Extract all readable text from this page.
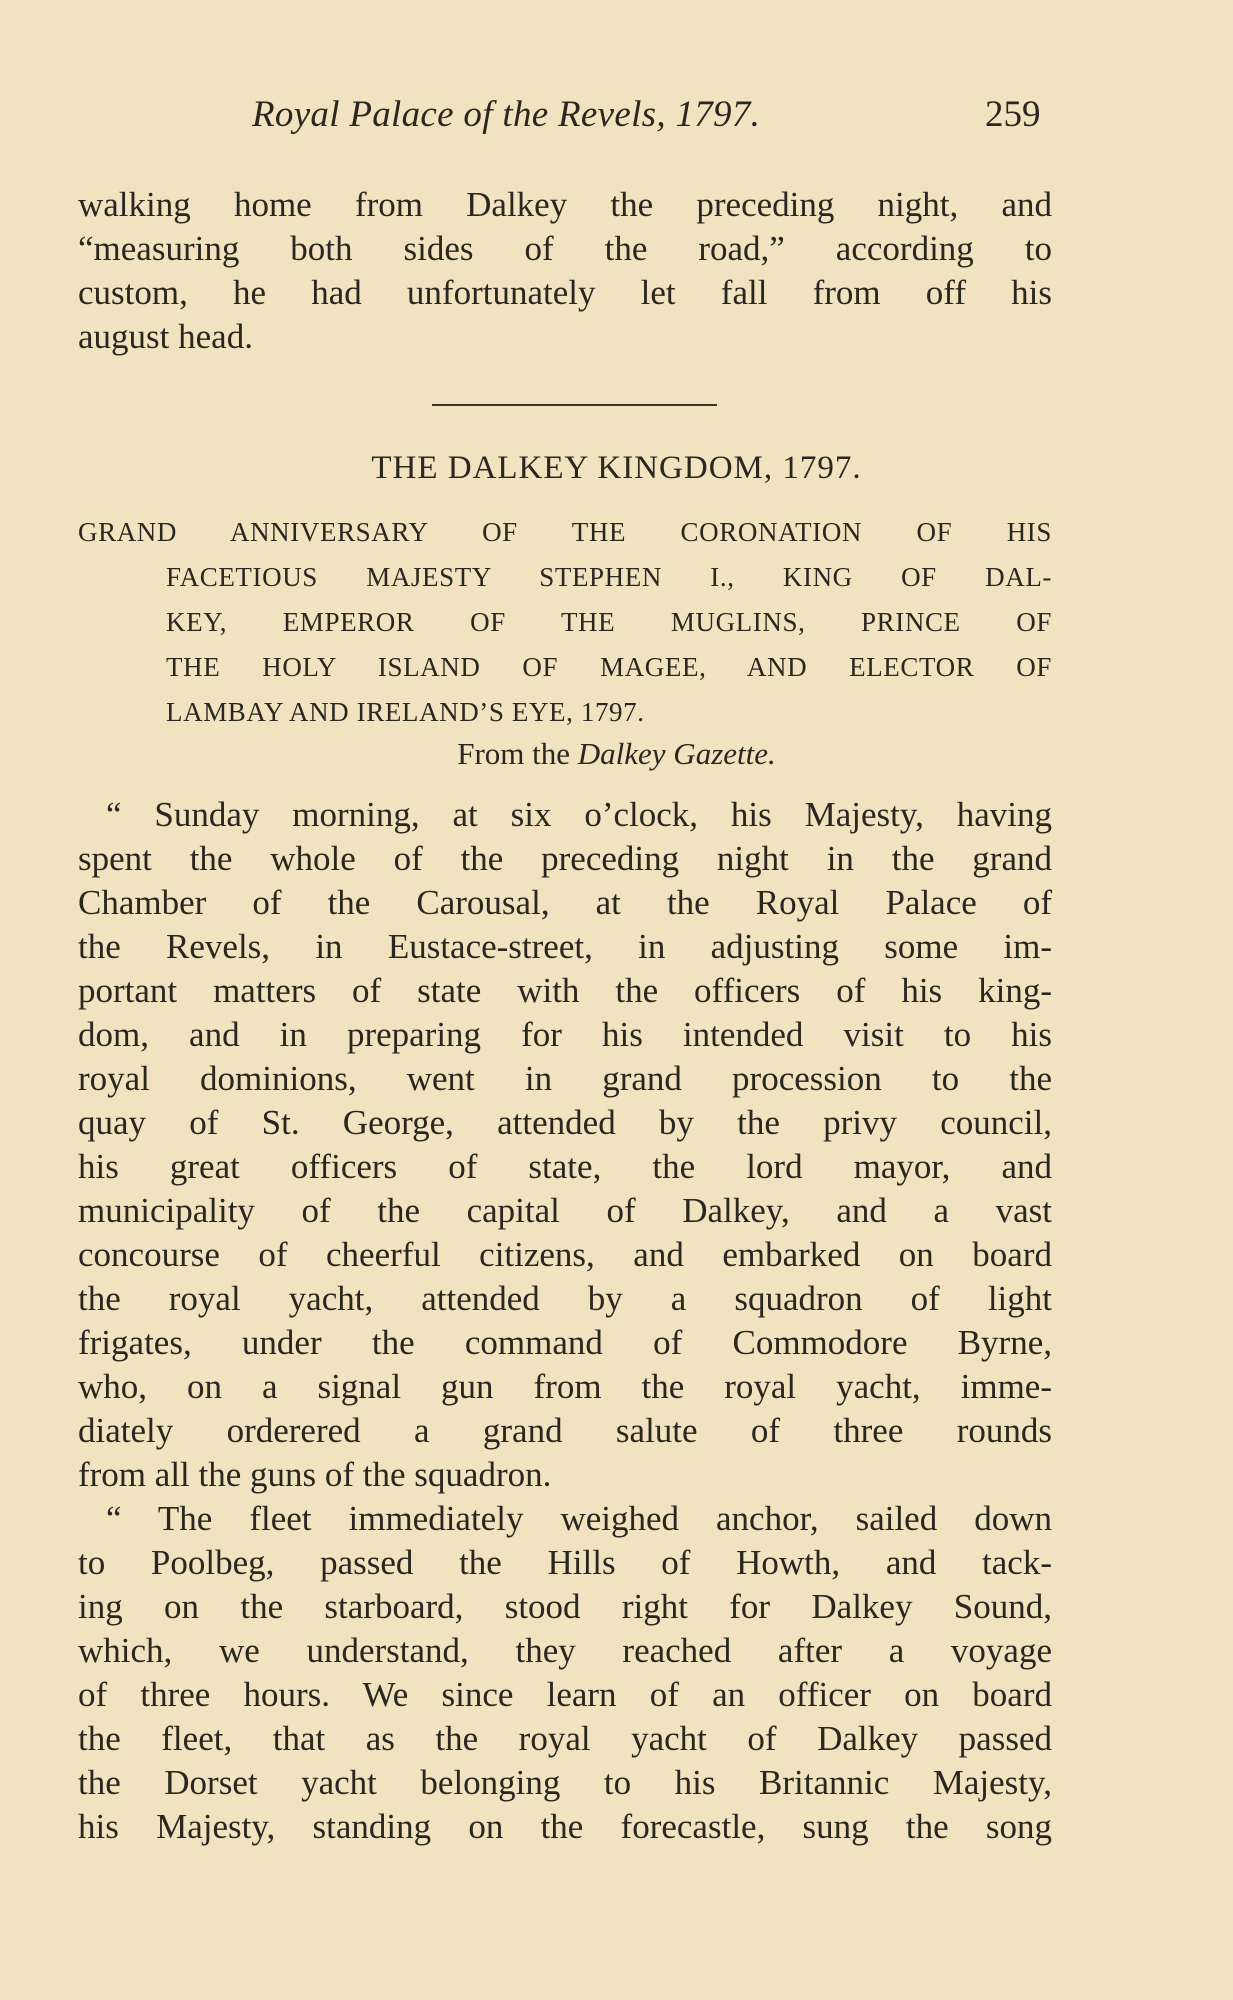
Royal Palace of the Revels, 1797.	259
walking home from Dalkey the preceding night, and
“measuring both sides of the road,” according to
custom, he had unfortunately let fall from off his
august head.
THE DALKEY KINGDOM, 1797.
GRAND ANNIVERSARY OF THE CORONATION OF HIS
FACETIOUS MAJESTY STEPHEN I., KING OF DAL-
KEY, EMPEROR OF THE MUGLINS, PRINCE OF
THE HOLY ISLAND OF MAGEE, AND ELECTOR OF
LAMBAY AND IRELAND’S EYE, 1797.
From the Dalkey Gazette.
“ Sunday morning, at six o’clock, his Majesty, having
spent the whole of the preceding night in the grand
Chamber of the Carousal, at the Royal Palace of
the Revels, in Eustace-street, in adjusting some im-
portant matters of state with the officers of his king-
dom, and in preparing for his intended visit to his
royal dominions, went in grand procession to the
quay of St. George, attended by the privy council,
his great officers of state, the lord mayor, and
municipality of the capital of Dalkey, and a vast
concourse of cheerful citizens, and embarked on board
the royal yacht, attended by a squadron of light
frigates, under the command of Commodore Byrne,
who, on a signal gun from the royal yacht, imme-
diately orderered a grand salute of three rounds
from all the guns of the squadron.
“ The fleet immediately weighed anchor, sailed down
to Poolbeg, passed the Hills of Howth, and tack-
ing on the starboard, stood right for Dalkey Sound,
which, we understand, they reached after a voyage
of three hours. We since learn of an officer on board
the fleet, that as the royal yacht of Dalkey passed
the Dorset yacht belonging to his Britannic Majesty,
his Majesty, standing on the forecastle, sung the song
